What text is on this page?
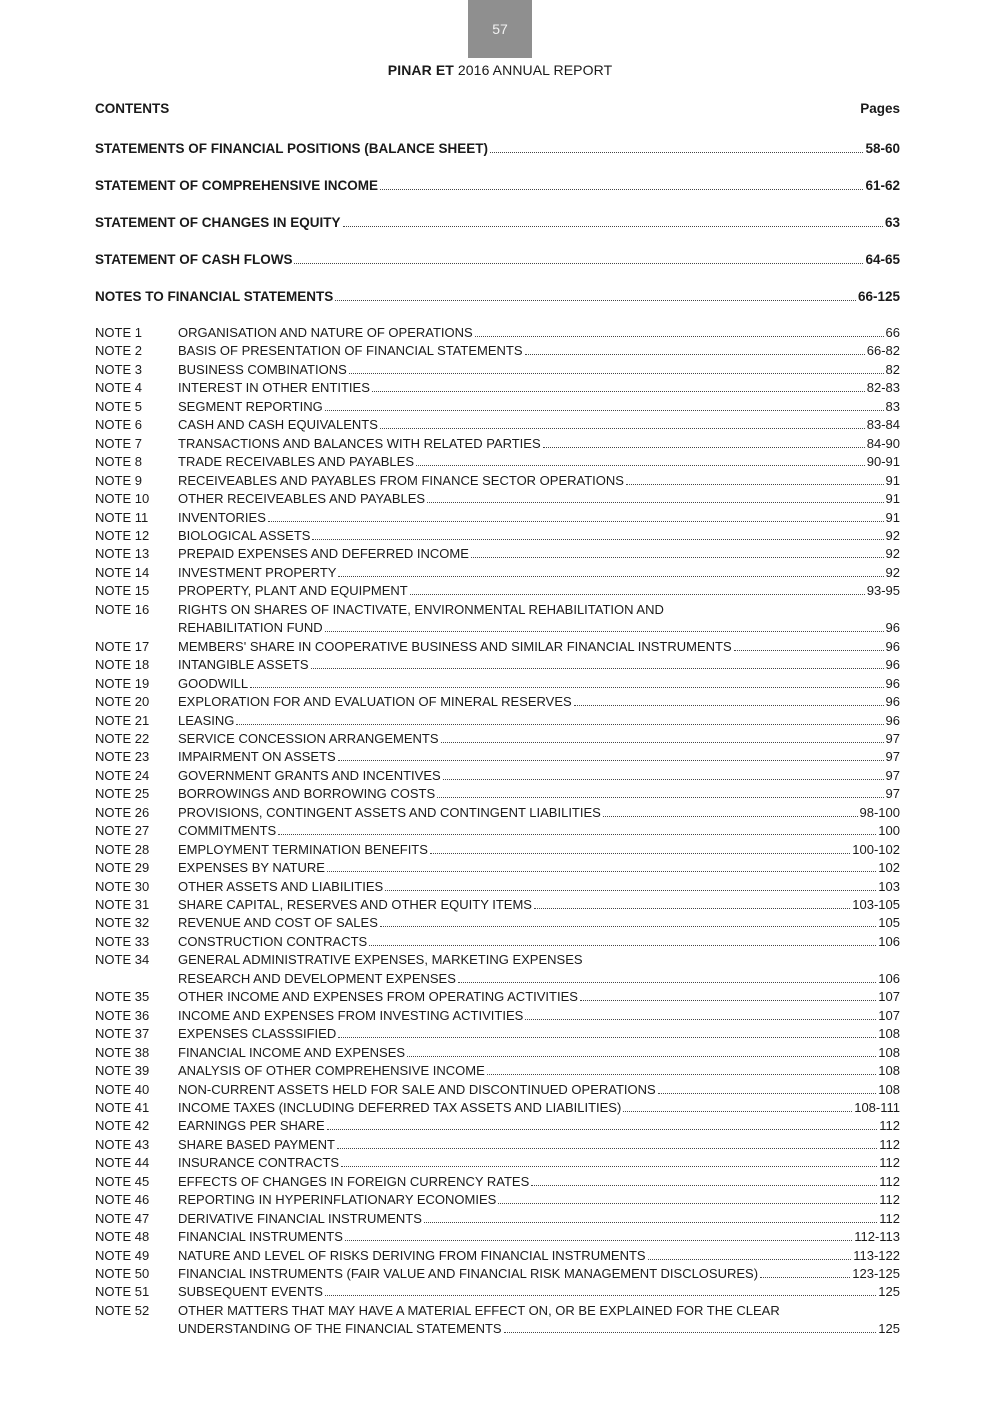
57
PINAR ET 2016 ANNUAL REPORT
CONTENTS	Pages
STATEMENTS OF FINANCIAL POSITIONS (BALANCE SHEET)	58-60
STATEMENT OF COMPREHENSIVE INCOME	61-62
STATEMENT OF CHANGES IN EQUITY	63
STATEMENT OF CASH FLOWS	64-65
NOTES TO FINANCIAL STATEMENTS	66-125
NOTE 1	ORGANISATION AND NATURE OF OPERATIONS	66
NOTE 2	BASIS OF PRESENTATION OF FINANCIAL STATEMENTS	66-82
NOTE 3	BUSINESS COMBINATIONS	82
NOTE 4	INTEREST IN OTHER ENTITIES	82-83
NOTE 5	SEGMENT REPORTING	83
NOTE 6	CASH AND CASH EQUIVALENTS	83-84
NOTE 7	TRANSACTIONS AND BALANCES WITH RELATED PARTIES	84-90
NOTE 8	TRADE RECEIVABLES AND PAYABLES	90-91
NOTE 9	RECEIVEABLES AND PAYABLES FROM FINANCE SECTOR OPERATIONS	91
NOTE 10	OTHER RECEIVEABLES AND PAYABLES	91
NOTE 11	INVENTORIES	91
NOTE 12	BIOLOGICAL ASSETS	92
NOTE 13	PREPAID EXPENSES AND DEFERRED INCOME	92
NOTE 14	INVESTMENT PROPERTY	92
NOTE 15	PROPERTY, PLANT AND EQUIPMENT	93-95
NOTE 16	RIGHTS ON SHARES OF INACTIVATE, ENVIRONMENTAL REHABILITATION AND
REHABILITATION FUND	96
NOTE 17	MEMBERS' SHARE IN COOPERATIVE BUSINESS AND SIMILAR FINANCIAL INSTRUMENTS	96
NOTE 18	INTANGIBLE ASSETS	96
NOTE 19	GOODWILL	96
NOTE 20	EXPLORATION FOR AND EVALUATION OF MINERAL RESERVES	96
NOTE 21	LEASING	96
NOTE 22	SERVICE CONCESSION ARRANGEMENTS	97
NOTE 23	IMPAIRMENT ON ASSETS	97
NOTE 24	GOVERNMENT GRANTS AND INCENTIVES	97
NOTE 25	BORROWINGS AND BORROWING COSTS	97
NOTE 26	PROVISIONS, CONTINGENT ASSETS AND CONTINGENT LIABILITIES	98-100
NOTE 27	COMMITMENTS	100
NOTE 28	EMPLOYMENT TERMINATION BENEFITS	100-102
NOTE 29	EXPENSES BY NATURE	102
NOTE 30	OTHER ASSETS AND LIABILITIES	103
NOTE 31	SHARE CAPITAL, RESERVES AND OTHER EQUITY ITEMS	103-105
NOTE 32	REVENUE AND COST OF SALES	105
NOTE 33	CONSTRUCTION CONTRACTS	106
NOTE 34	GENERAL ADMINISTRATIVE EXPENSES, MARKETING EXPENSES
RESEARCH AND DEVELOPMENT EXPENSES	106
NOTE 35	OTHER INCOME AND EXPENSES FROM OPERATING ACTIVITIES	107
NOTE 36	INCOME AND EXPENSES FROM INVESTING ACTIVITIES	107
NOTE 37	EXPENSES CLASSSIFIED	108
NOTE 38	FINANCIAL INCOME AND EXPENSES	108
NOTE 39	ANALYSIS OF OTHER COMPREHENSIVE INCOME	108
NOTE 40	NON-CURRENT ASSETS HELD FOR SALE AND DISCONTINUED OPERATIONS	108
NOTE 41	INCOME TAXES (INCLUDING DEFERRED TAX ASSETS AND LIABILITIES)	108-111
NOTE 42	EARNINGS PER SHARE	112
NOTE 43	SHARE BASED PAYMENT	112
NOTE 44	INSURANCE CONTRACTS	112
NOTE 45	EFFECTS OF CHANGES IN FOREIGN CURRENCY RATES	112
NOTE 46	REPORTING IN HYPERINFLATIONARY ECONOMIES	112
NOTE 47	DERIVATIVE FINANCIAL INSTRUMENTS	112
NOTE 48	FINANCIAL INSTRUMENTS	112-113
NOTE 49	NATURE AND LEVEL OF RISKS DERIVING FROM FINANCIAL INSTRUMENTS	113-122
NOTE 50	FINANCIAL INSTRUMENTS (FAIR VALUE AND FINANCIAL RISK MANAGEMENT DISCLOSURES)	123-125
NOTE 51	SUBSEQUENT EVENTS	125
NOTE 52	OTHER MATTERS THAT MAY HAVE A MATERIAL EFFECT ON, OR BE EXPLAINED FOR THE CLEAR
UNDERSTANDING OF THE FINANCIAL STATEMENTS	125
